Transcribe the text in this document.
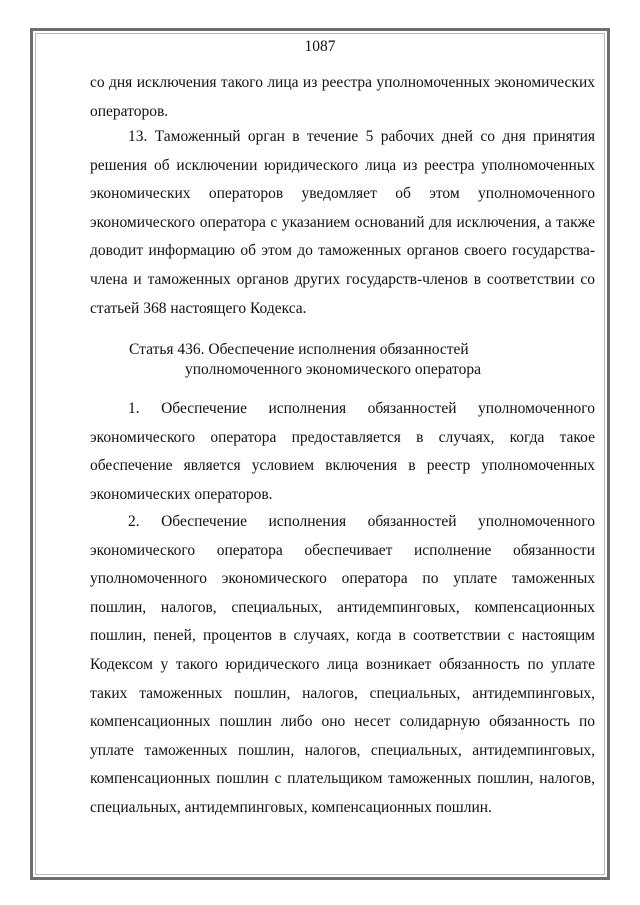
1087

со дня исключения такого лица из реестра уполномоченных экономических операторов.

13. Таможенный орган в течение 5 рабочих дней со дня принятия решения об исключении юридического лица из реестра уполномоченных экономических операторов уведомляет об этом уполномоченного экономического оператора с указанием оснований для исключения, а также доводит информацию об этом до таможенных органов своего государства-члена и таможенных органов других государств-членов в соответствии со статьей 368 настоящего Кодекса.

Статья 436. Обеспечение исполнения обязанностей
уполномоченного экономического оператора

1. Обеспечение исполнения обязанностей уполномоченного экономического оператора предоставляется в случаях, когда такое обеспечение является условием включения в реестр уполномоченных экономических операторов.

2. Обеспечение исполнения обязанностей уполномоченного экономического оператора обеспечивает исполнение обязанности уполномоченного экономического оператора по уплате таможенных пошлин, налогов, специальных, антидемпинговых, компенсационных пошлин, пеней, процентов в случаях, когда в соответствии с настоящим Кодексом у такого юридического лица возникает обязанность по уплате таких таможенных пошлин, налогов, специальных, антидемпинговых, компенсационных пошлин либо оно несет солидарную обязанность по уплате таможенных пошлин, налогов, специальных, антидемпинговых, компенсационных пошлин с плательщиком таможенных пошлин, налогов, специальных, антидемпинговых, компенсационных пошлин.
